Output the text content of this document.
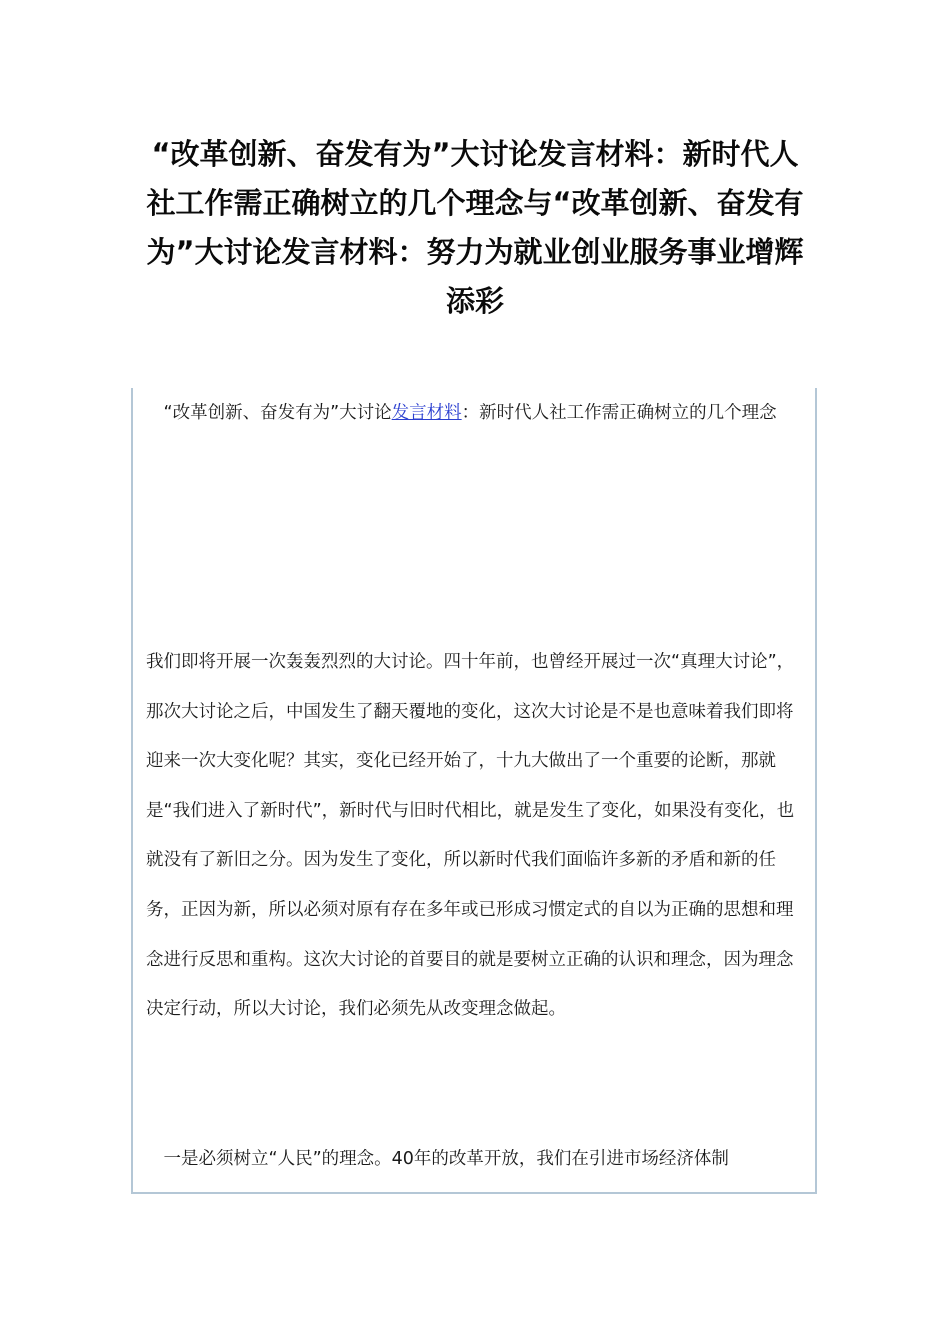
“改革创新、奋发有为”大讨论发言材料：新时代人社工作需正确树立的几个理念与“改革创新、奋发有为”大讨论发言材料：努力为就业创业服务事业增辉添彩

“改革创新、奋发有为”大讨论发言材料：新时代人社工作需正确树立的几个理念

我们即将开展一次轰轰烈烈的大讨论。四十年前，也曾经开展过一次“真理大讨论”，那次大讨论之后，中国发生了翻天覆地的变化，这次大讨论是不是也意味着我们即将迎来一次大变化呢？其实，变化已经开始了，十九大做出了一个重要的论断，那就是“我们进入了新时代”，新时代与旧时代相比，就是发生了变化，如果没有变化，也就没有了新旧之分。因为发生了变化，所以新时代我们面临许多新的矛盾和新的任务，正因为新，所以必须对原有存在多年或已形成习惯定式的自以为正确的思想和理念进行反思和重构。这次大讨论的首要目的就是要树立正确的认识和理念，因为理念决定行动，所以大讨论，我们必须先从改变理念做起。

一是必须树立“人民”的理念。40年的改革开放，我们在引进市场经济体制
